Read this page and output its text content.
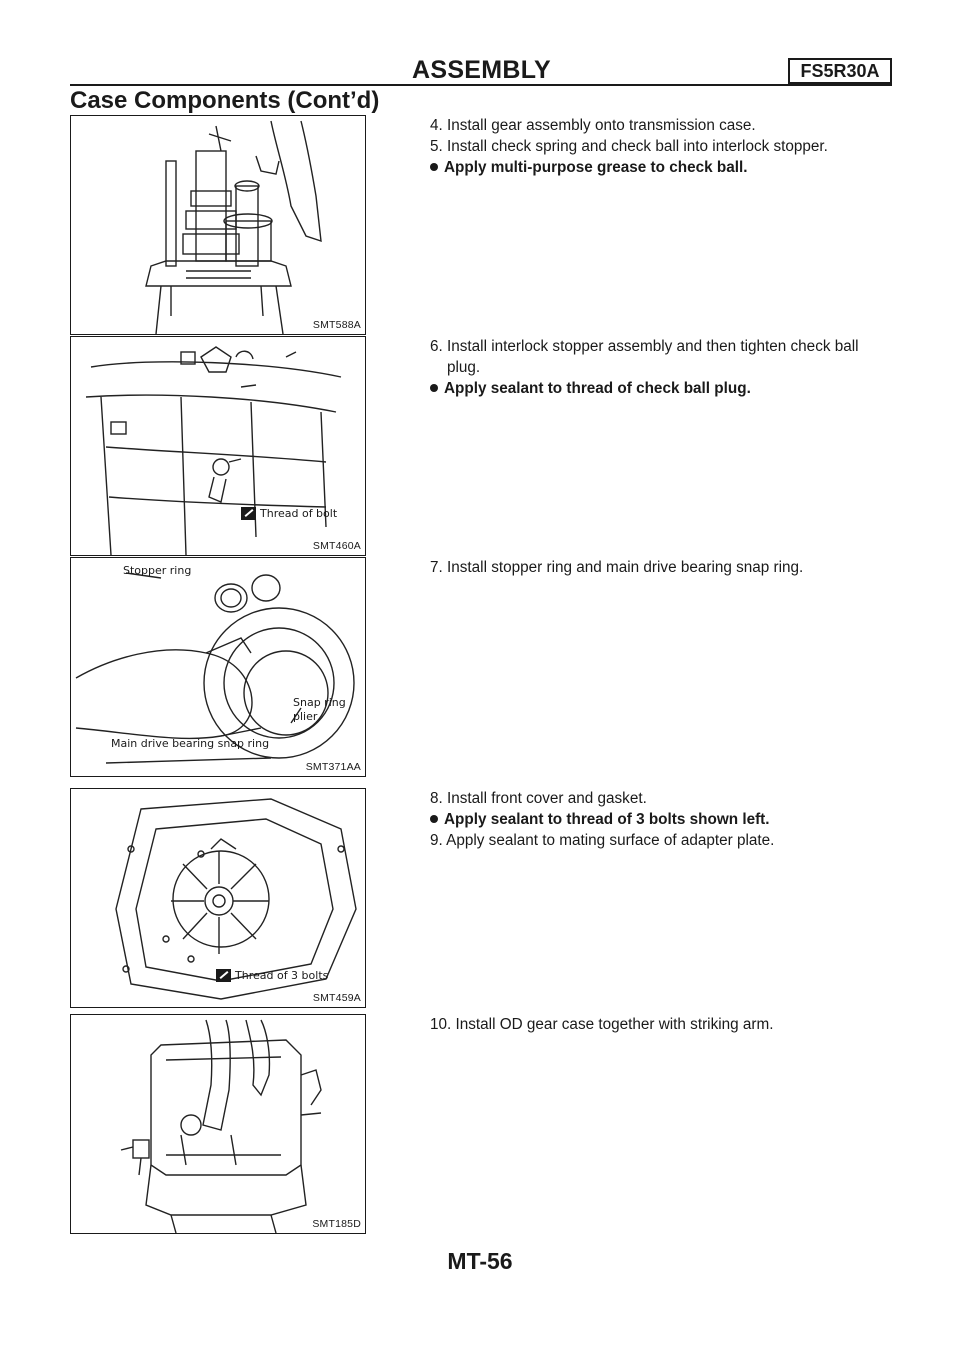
ASSEMBLY	FS5R30A
Case Components (Cont’d)
SMT588A

4. Install gear assembly onto transmission case.

5. Install check spring and check ball into interlock stopper.

Apply multi-purpose grease to check ball.

Thread of bolt
SMT460A

6. Install interlock stopper assembly and then tighten check ball plug.

Apply sealant to thread of check ball plug.

Stopper ring
Snap ring
plier
Main drive bearing snap ring
SMT371AA

7. Install stopper ring and main drive bearing snap ring.

Thread of 3 bolts
SMT459A

8. Install front cover and gasket.

Apply sealant to thread of 3 bolts shown left.

9. Apply sealant to mating surface of adapter plate.

SMT185D

10. Install OD gear case together with striking arm.

MT-56
